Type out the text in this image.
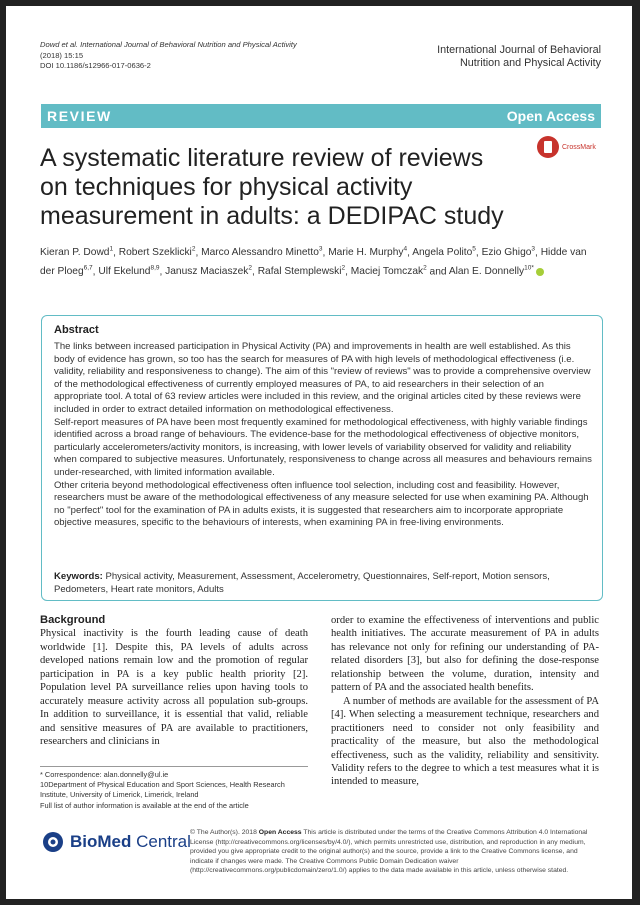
Dowd et al. International Journal of Behavioral Nutrition and Physical Activity
(2018) 15:15
DOI 10.1186/s12966-017-0636-2
International Journal of Behavioral
Nutrition and Physical Activity
REVIEW	Open Access
CrossMark
A systematic literature review of reviews
on techniques for physical activity
measurement in adults: a DEDIPAC study
Kieran P. Dowd$^1$, Robert Szeklicki$^2$, Marco Alessandro Minetto$^3$, Marie H. Murphy$^4$, Angela Polito$^5$, Ezio Ghigo$^3$, Hidde van der Ploeg$^{6,7}$, Ulf Ekelund$^{8,9}$, Janusz Maciaszek$^2$, Rafal Stemplewski$^2$, Maciej Tomczak$^2$ and Alan E. Donnelly$^{10*}$
Abstract

The links between increased participation in Physical Activity (PA) and improvements in health are well established. As this body of evidence has grown, so too has the search for measures of PA with high levels of methodological effectiveness (i.e. validity, reliability and responsiveness to change). The aim of this "review of reviews" was to provide a comprehensive overview of the methodological effectiveness of currently employed measures of PA, to aid researchers in their selection of an appropriate tool. A total of 63 review articles were included in this review, and the original articles cited by these reviews were included in order to extract detailed information on methodological effectiveness.

Self-report measures of PA have been most frequently examined for methodological effectiveness, with highly variable findings identified across a broad range of behaviours. The evidence-base for the methodological effectiveness of objective monitors, particularly accelerometers/activity monitors, is increasing, with lower levels of variability observed for validity and reliability when compared to subjective measures. Unfortunately, responsiveness to change across all measures and behaviours remains under-researched, with limited information available.

Other criteria beyond methodological effectiveness often influence tool selection, including cost and feasibility. However, researchers must be aware of the methodological effectiveness of any measure selected for use when examining PA. Although no "perfect" tool for the examination of PA in adults exists, it is suggested that researchers aim to incorporate appropriate objective measures, specific to the behaviours of interests, when examining PA in free-living environments.

Keywords: Physical activity, Measurement, Assessment, Accelerometry, Questionnaires, Self-report, Motion sensors, Pedometers, Heart rate monitors, Adults
Background

Physical inactivity is the fourth leading cause of death worldwide [1]. Despite this, PA levels of adults across developed nations remain low and the promotion of regular participation in PA is a key public health priority [2]. Population level PA surveillance relies upon having tools to accurately measure activity across all population sub-groups. In addition to surveillance, it is essential that valid, reliable and sensitive measures of PA are available to practitioners, researchers and clinicians in

order to examine the effectiveness of interventions and public health initiatives. The accurate measurement of PA in adults has relevance not only for refining our understanding of PA-related disorders [3], but also for defining the dose-response relationship between the volume, duration, intensity and pattern of PA and the associated health benefits.

A number of methods are available for the assessment of PA [4]. When selecting a measurement technique, researchers and practitioners need to consider not only feasibility and practicality of the measure, but also the methodological effectiveness, such as the validity, reliability and sensitivity. Validity refers to the degree to which a test measures what it is intended to measure,

* Correspondence: alan.donnelly@ul.ie
10Department of Physical Education and Sport Sciences, Health Research Institute, University of Limerick, Limerick, Ireland
Full list of author information is available at the end of the article
BioMed Central © The Author(s). 2018 Open Access This article is distributed under the terms of the Creative Commons Attribution 4.0 International License (http://creativecommons.org/licenses/by/4.0/), which permits unrestricted use, distribution, and reproduction in any medium, provided you give appropriate credit to the original author(s) and the source, provide a link to the Creative Commons license, and indicate if changes were made. The Creative Commons Public Domain Dedication waiver (http://creativecommons.org/publicdomain/zero/1.0/) applies to the data made available in this article, unless otherwise stated.
